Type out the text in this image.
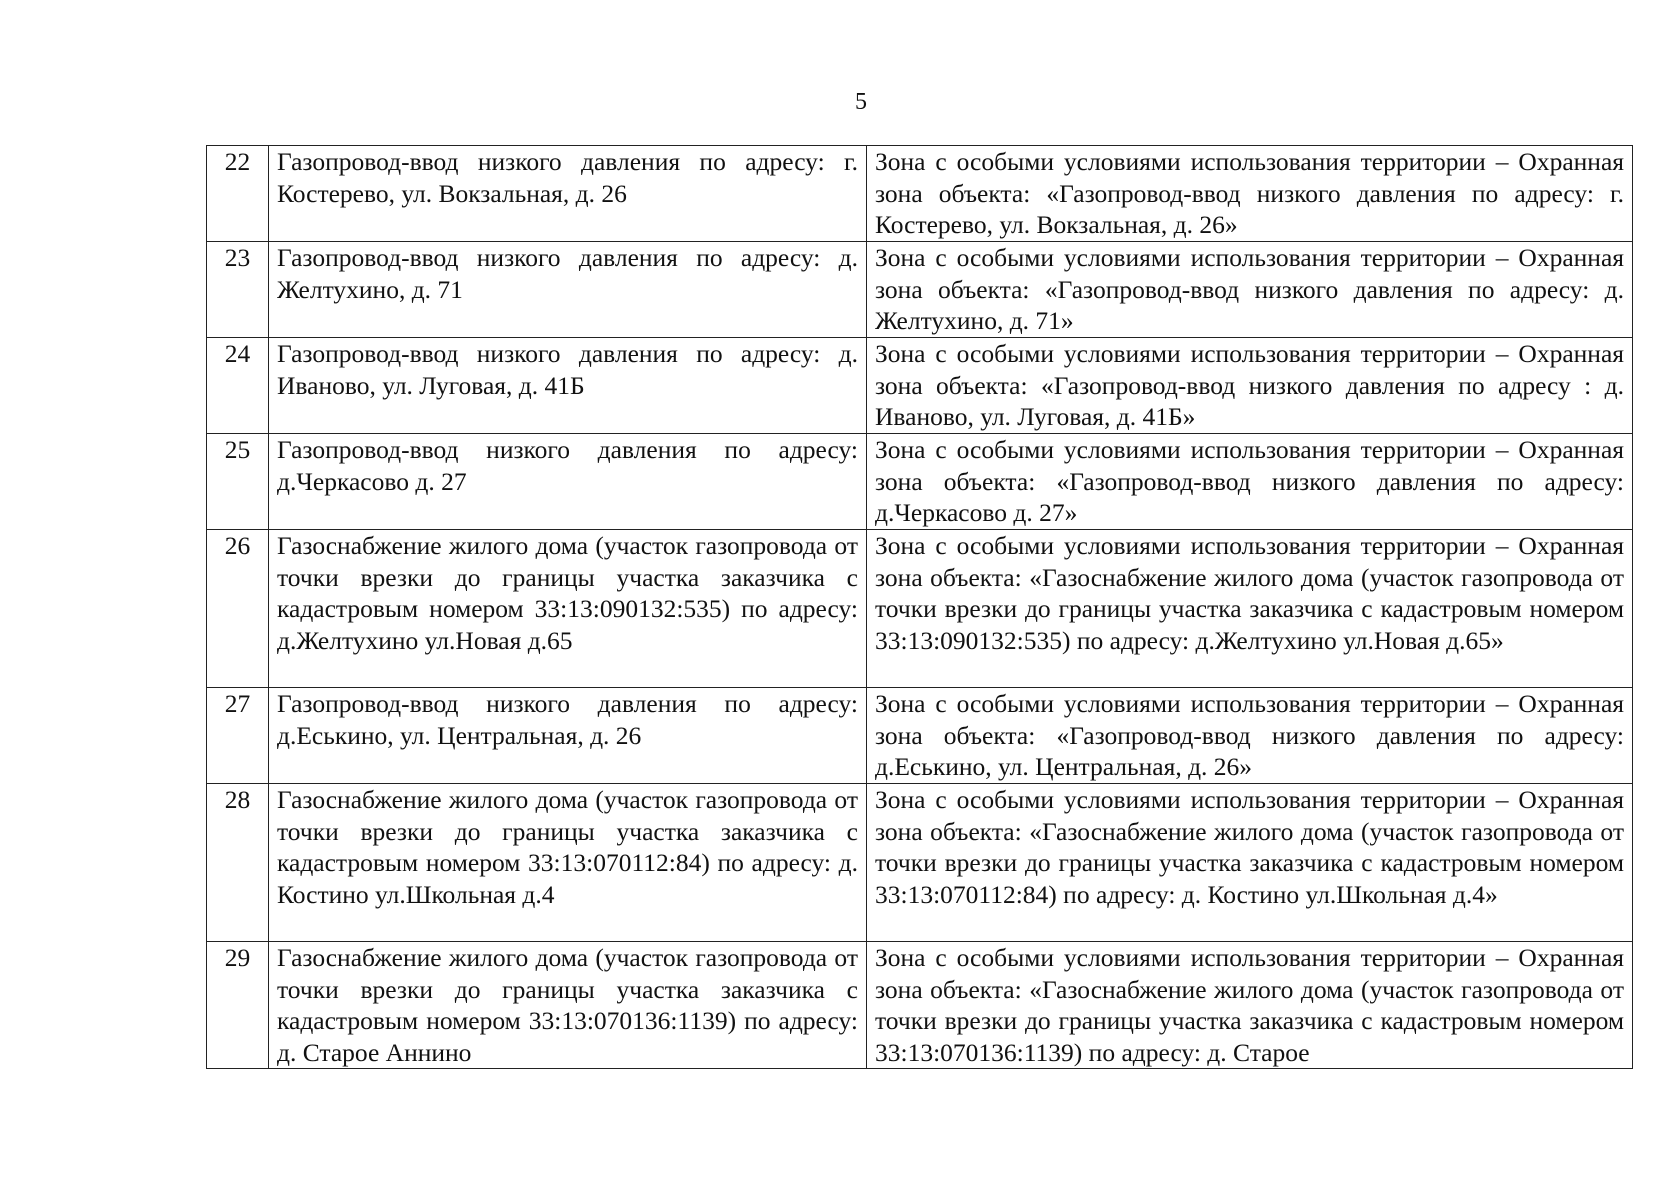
5
22	Газопровод-ввод низкого давления по адресу: г. Костерево, ул. Вокзальная, д. 26	Зона с особыми условиями использования территории – Охранная зона объекта: «Газопровод-ввод низкого давления по адресу: г. Костерево, ул. Вокзальная, д. 26»
23	Газопровод-ввод низкого давления по адресу: д. Желтухино, д. 71	Зона с особыми условиями использования территории – Охранная зона объекта: «Газопровод-ввод низкого давления по адресу: д. Желтухино, д. 71»
24	Газопровод-ввод низкого давления по адресу: д. Иваново, ул. Луговая, д. 41Б	Зона с особыми условиями использования территории – Охранная зона объекта: «Газопровод-ввод низкого давления по адресу : д. Иваново, ул. Луговая, д. 41Б»
25	Газопровод-ввод низкого давления по адресу: д.Черкасово д. 27	Зона с особыми условиями использования территории – Охранная зона объекта: «Газопровод-ввод низкого давления по адресу: д.Черкасово д. 27»
26	Газоснабжение жилого дома (участок газопровода от точки врезки до границы участка заказчика с кадастровым номером 33:13:090132:535) по адресу: д.Желтухино ул.Новая д.65	Зона с особыми условиями использования территории – Охранная зона объекта: «Газоснабжение жилого дома (участок газопровода от точки врезки до границы участка заказчика с кадастровым номером 33:13:090132:535) по адресу: д.Желтухино ул.Новая д.65»
27	Газопровод-ввод низкого давления по адресу: д.Еськино, ул. Центральная, д. 26	Зона с особыми условиями использования территории – Охранная зона объекта: «Газопровод-ввод низкого давления по адресу: д.Еськино, ул. Центральная, д. 26»
28	Газоснабжение жилого дома (участок газопровода от точки врезки до границы участка заказчика с кадастровым номером 33:13:070112:84) по адресу: д. Костино ул.Школьная д.4	Зона с особыми условиями использования территории – Охранная зона объекта: «Газоснабжение жилого дома (участок газопровода от точки врезки до границы участка заказчика с кадастровым номером 33:13:070112:84) по адресу: д. Костино ул.Школьная д.4»
29	Газоснабжение жилого дома (участок газопровода от точки врезки до границы участка заказчика с кадастровым номером 33:13:070136:1139) по адресу: д. Старое Аннино	Зона с особыми условиями использования территории – Охранная зона объекта: «Газоснабжение жилого дома (участок газопровода от точки врезки до границы участка заказчика с кадастровым номером 33:13:070136:1139) по адресу: д. Старое
